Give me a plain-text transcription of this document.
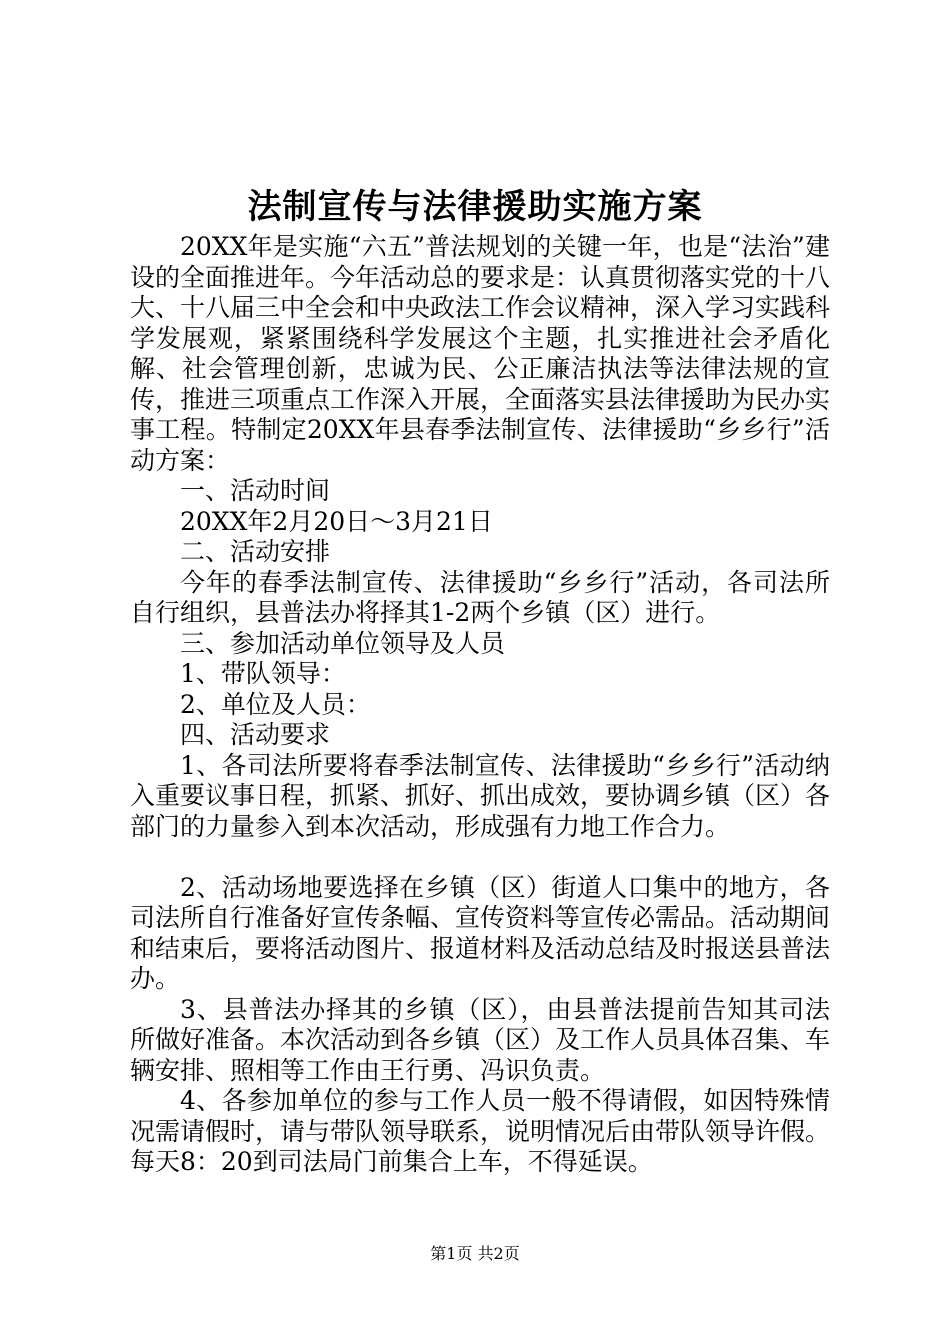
法制宣传与法律援助实施方案

20XX年是实施“六五”普法规划的关键一年，也是“法治”建设的全面推进年。今年活动总的要求是：认真贯彻落实党的十八大、十八届三中全会和中央政法工作会议精神，深入学习实践科学发展观，紧紧围绕科学发展这个主题，扎实推进社会矛盾化解、社会管理创新，忠诚为民、公正廉洁执法等法律法规的宣传，推进三项重点工作深入开展，全面落实县法律援助为民办实事工程。特制定20XX年县春季法制宣传、法律援助“乡乡行”活动方案：

一、活动时间

20XX年2月20日～3月21日

二、活动安排

今年的春季法制宣传、法律援助“乡乡行”活动，各司法所自行组织，县普法办将择其1-2两个乡镇（区）进行。

三、参加活动单位领导及人员

1、带队领导：

2、单位及人员：

四、活动要求

1、各司法所要将春季法制宣传、法律援助“乡乡行”活动纳入重要议事日程，抓紧、抓好、抓出成效，要协调乡镇（区）各部门的力量参入到本次活动，形成强有力地工作合力。

2、活动场地要选择在乡镇（区）街道人口集中的地方，各司法所自行准备好宣传条幅、宣传资料等宣传必需品。活动期间和结束后，要将活动图片、报道材料及活动总结及时报送县普法办。

3、县普法办择其的乡镇（区），由县普法提前告知其司法所做好准备。本次活动到各乡镇（区）及工作人员具体召集、车辆安排、照相等工作由王行勇、冯识负责。

4、各参加单位的参与工作人员一般不得请假，如因特殊情况需请假时，请与带队领导联系，说明情况后由带队领导许假。每天8：20到司法局门前集合上车，不得延误。

第1页 共2页
